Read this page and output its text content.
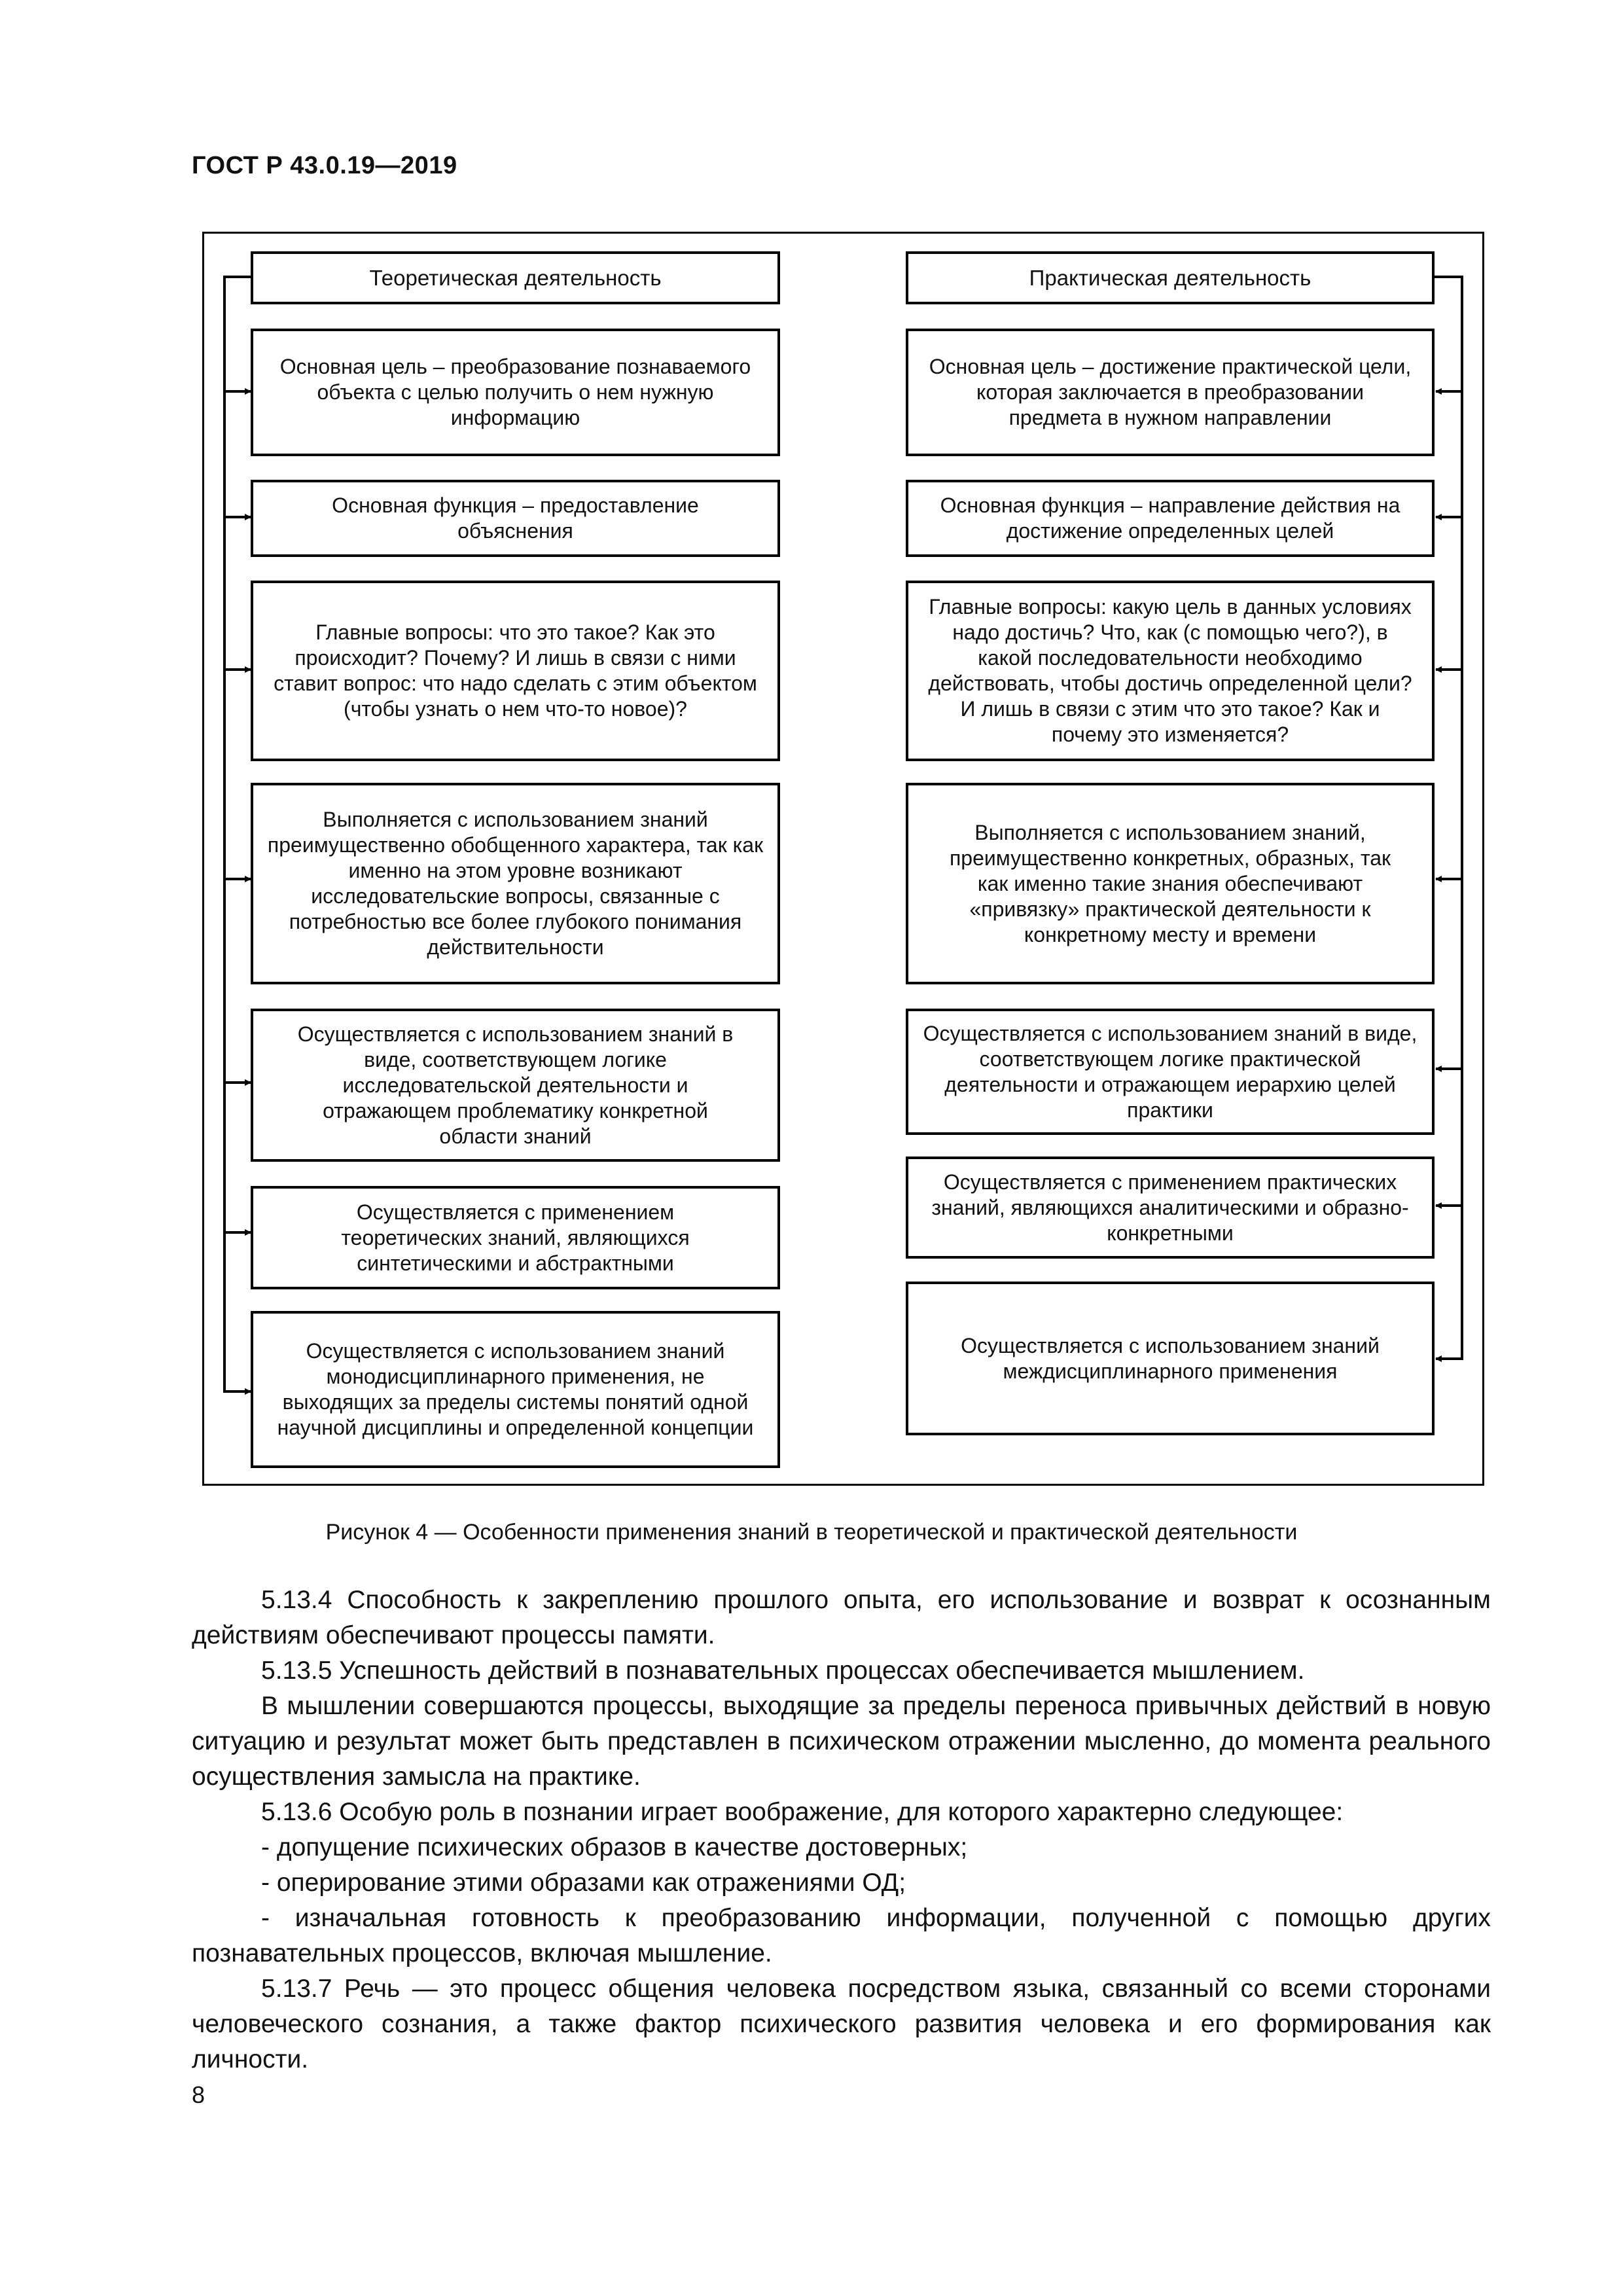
ГОСТ Р 43.0.19—2019
Теоретическая деятельность
Основная цель – преобразование познаваемого объекта с целью получить о нем нужную информацию
Основная функция – предоставление объяснения
Главные вопросы: что это такое? Как это происходит? Почему? И лишь в связи с ними ставит вопрос: что надо сделать с этим объектом (чтобы узнать о нем что-то новое)?
Выполняется с использованием знаний преимущественно обобщенного характера, так как именно на этом уровне возникают исследовательские вопросы, связанные с потребностью все более глубокого понимания действительности
Осуществляется с использованием знаний в виде, соответствующем логике исследовательской деятельности и отражающем проблематику конкретной области знаний
Осуществляется с применением теоретических знаний, являющихся синтетическими и абстрактными
Осуществляется с использованием знаний монодисциплинарного применения, не выходящих за пределы системы понятий одной научной дисциплины и определенной концепции
Практическая деятельность
Основная цель – достижение практической цели, которая заключается в преобразовании предмета в нужном направлении
Основная функция – направление действия на достижение определенных целей
Главные вопросы: какую цель в данных условиях надо достичь? Что, как (с помощью чего?), в какой последовательности необходимо действовать, чтобы достичь определенной цели? И лишь в связи с этим что это такое? Как и почему это изменяется?
Выполняется с использованием знаний, преимущественно конкретных, образных, так как именно такие знания обеспечивают «привязку» практической деятельности к конкретному месту и времени
Осуществляется с использованием знаний в виде, соответствующем логике практической деятельности и отражающем иерархию целей практики
Осуществляется с применением практических знаний, являющихся аналитическими и образно-конкретными
Осуществляется с использованием знаний междисциплинарного применения
Рисунок 4 — Особенности применения знаний в теоретической и практической деятельности
5.13.4 Способность к закреплению прошлого опыта, его использование и возврат к осознанным действиям обеспечивают процессы памяти.
5.13.5 Успешность действий в познавательных процессах обеспечивается мышлением.
В мышлении совершаются процессы, выходящие за пределы переноса привычных действий в новую ситуацию и результат может быть представлен в психическом отражении мысленно, до момента реального осуществления замысла на практике.
5.13.6 Особую роль в познании играет воображение, для которого характерно следующее:
- допущение психических образов в качестве достоверных;
- оперирование этими образами как отражениями ОД;
- изначальная готовность к преобразованию информации, полученной с помощью других познавательных процессов, включая мышление.
5.13.7 Речь — это процесс общения человека посредством языка, связанный со всеми сторонами человеческого сознания, а также фактор психического развития человека и его формирования как личности.
8
